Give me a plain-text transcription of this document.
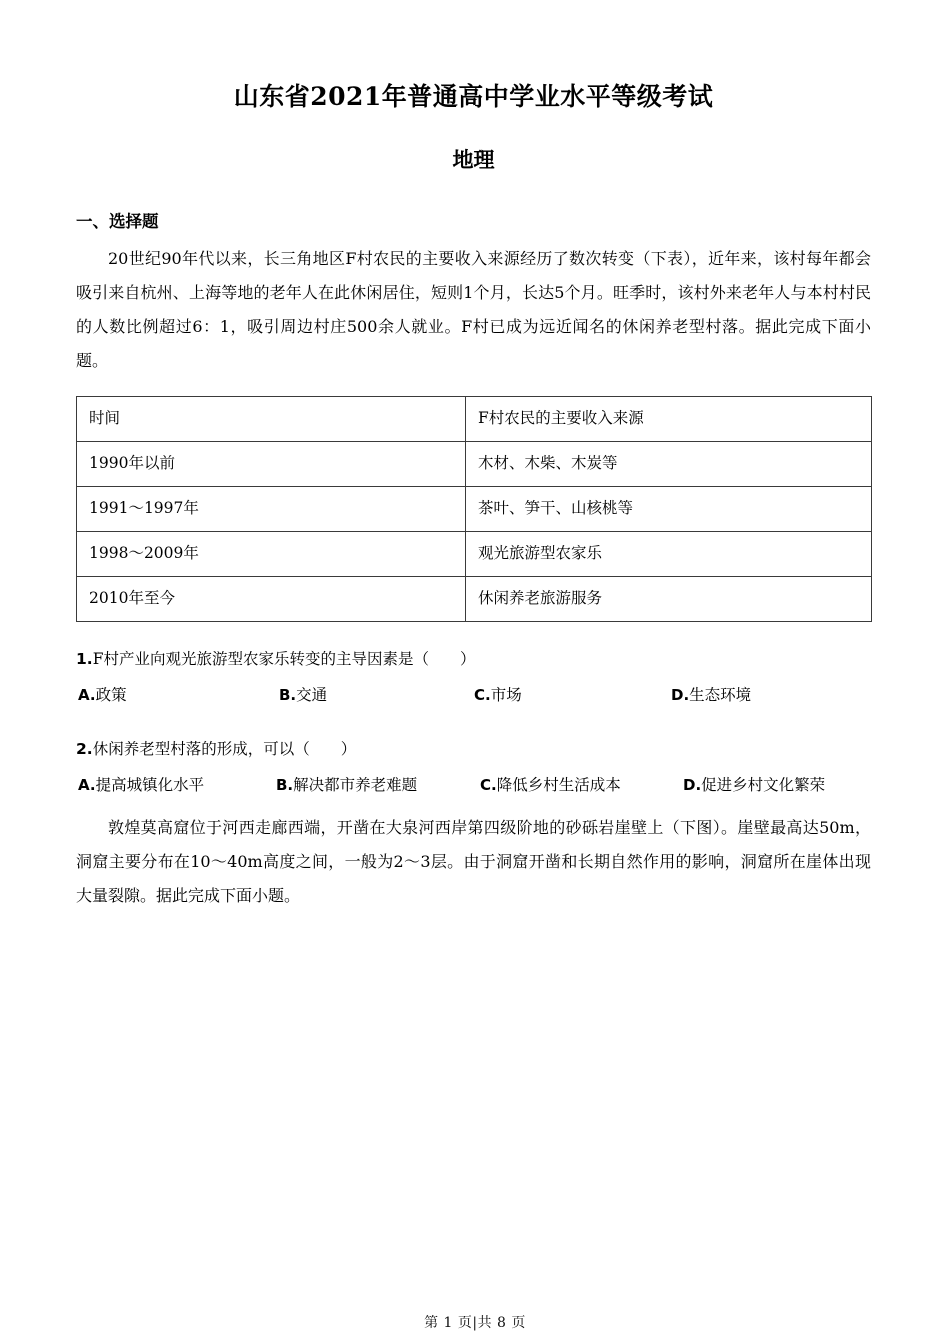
山东省2021年普通高中学业水平等级考试
地理
一、选择题

20世纪90年代以来，长三角地区F村农民的主要收入来源经历了数次转变（下表），近年来，该村每年都会吸引来自杭州、上海等地的老年人在此休闲居住，短则1个月，长达5个月。旺季时，该村外来老年人与本村村民的人数比例超过6：1，吸引周边村庄500余人就业。F村已成为远近闻名的休闲养老型村落。据此完成下面小题。

时间	F村农民的主要收入来源
1990年以前	木材、木柴、木炭等
1991～1997年	茶叶、笋干、山核桃等
1998～2009年	观光旅游型农家乐
2010年至今	休闲养老旅游服务

1.F村产业向观光旅游型农家乐转变的主导因素是（　　）

A.政策	B.交通	C.市场	D.生态环境

2.休闲养老型村落的形成，可以（　　）

A.提高城镇化水平	B.解决都市养老难题	C.降低乡村生活成本	D.促进乡村文化繁荣

敦煌莫高窟位于河西走廊西端，开凿在大泉河西岸第四级阶地的砂砾岩崖壁上（下图）。崖壁最高达50m，洞窟主要分布在10～40m高度之间，一般为2～3层。由于洞窟开凿和长期自然作用的影响，洞窟所在崖体出现大量裂隙。据此完成下面小题。

第 1 页|共 8 页
